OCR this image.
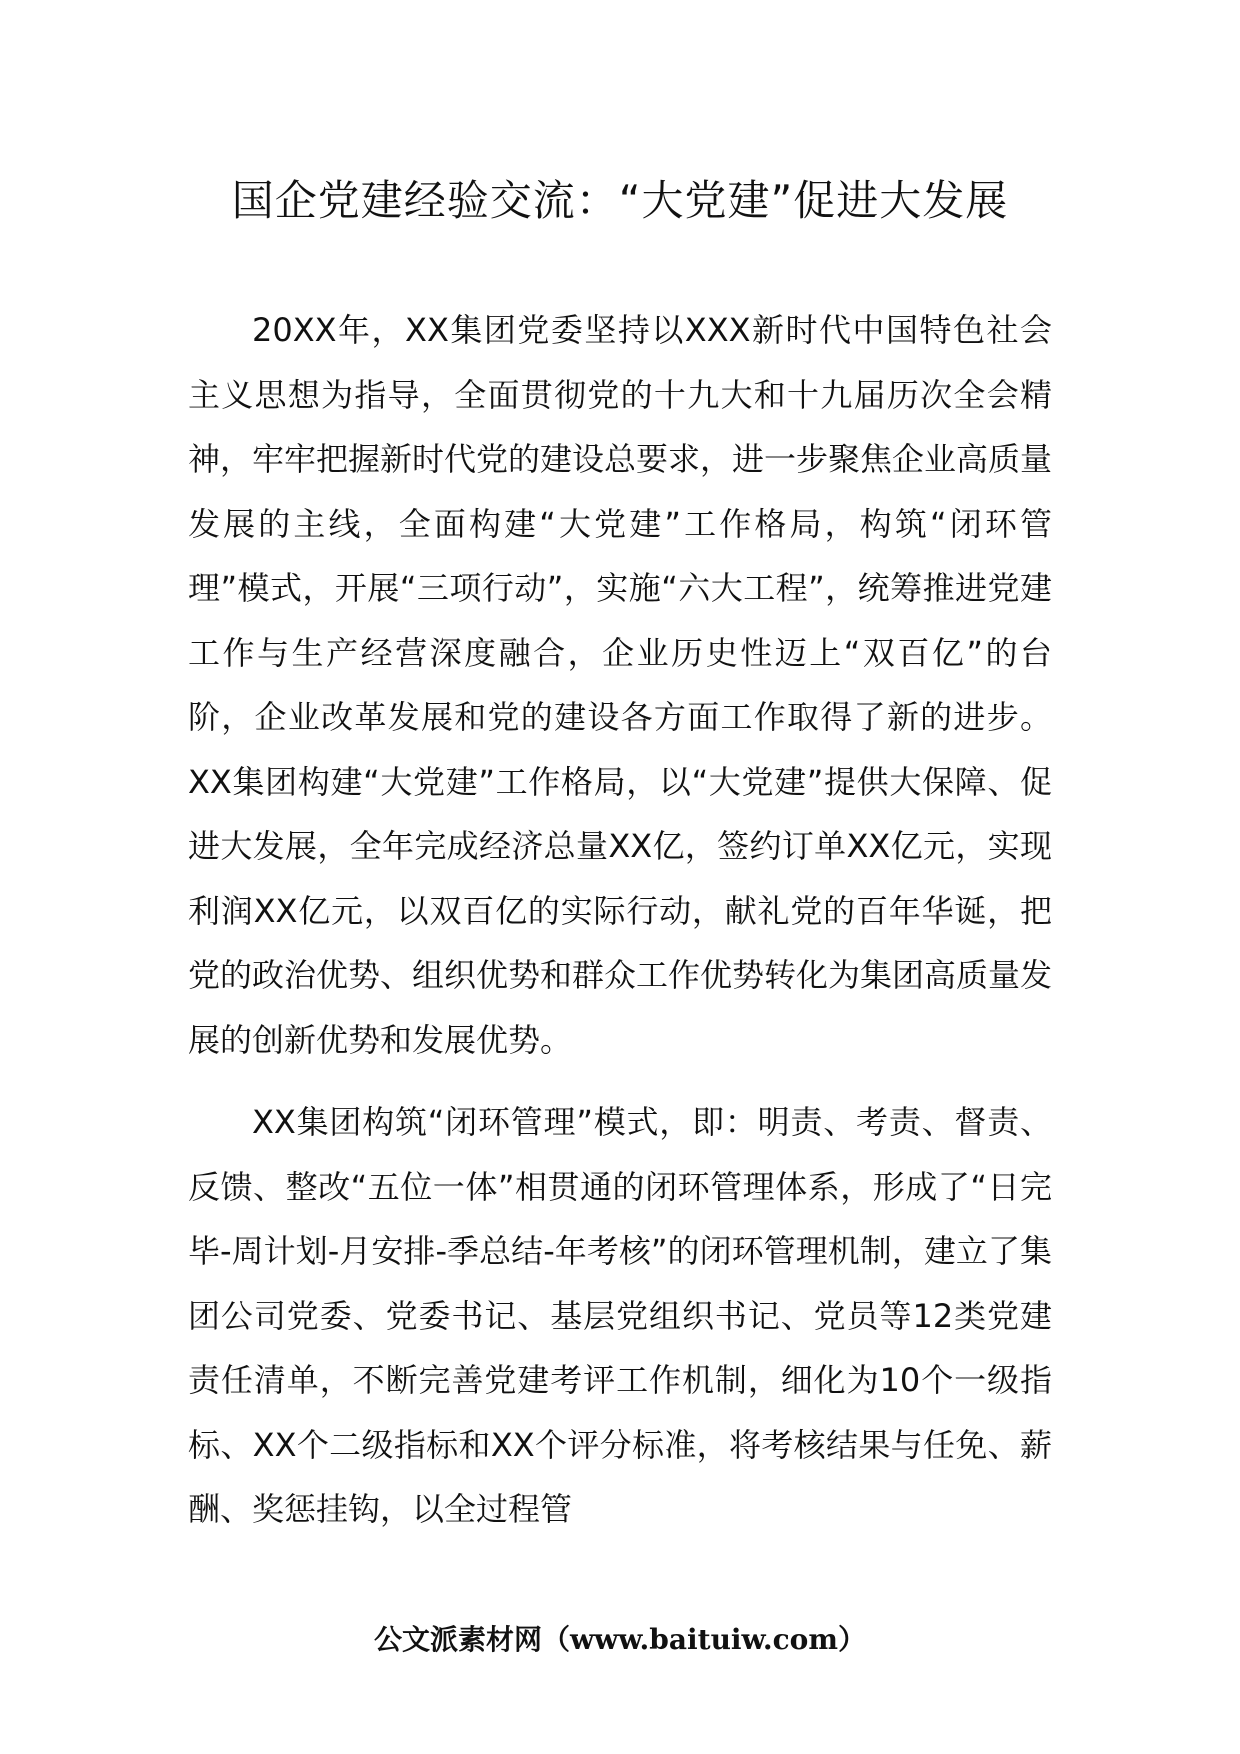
国企党建经验交流：“大党建”促进大发展

20XX年，XX集团党委坚持以XXX新时代中国特色社会主义思想为指导，全面贯彻党的十九大和十九届历次全会精神，牢牢把握新时代党的建设总要求，进一步聚焦企业高质量发展的主线，全面构建“大党建”工作格局，构筑“闭环管理”模式，开展“三项行动”，实施“六大工程”，统筹推进党建工作与生产经营深度融合，企业历史性迈上“双百亿”的台阶，企业改革发展和党的建设各方面工作取得了新的进步。XX集团构建“大党建”工作格局，以“大党建”提供大保障、促进大发展，全年完成经济总量XX亿，签约订单XX亿元，实现利润XX亿元，以双百亿的实际行动，献礼党的百年华诞，把党的政治优势、组织优势和群众工作优势转化为集团高质量发展的创新优势和发展优势。

XX集团构筑“闭环管理”模式，即：明责、考责、督责、反馈、整改“五位一体”相贯通的闭环管理体系，形成了“日完毕-周计划-月安排-季总结-年考核”的闭环管理机制，建立了集团公司党委、党委书记、基层党组织书记、党员等12类党建责任清单，不断完善党建考评工作机制，细化为10个一级指标、XX个二级指标和XX个评分标准，将考核结果与任免、薪酬、奖惩挂钩，以全过程管

公文派素材网（www.baituiw.com）
